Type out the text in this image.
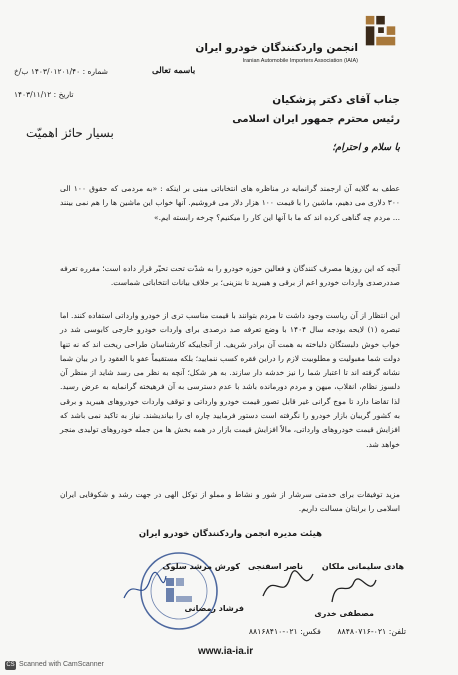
انجمن واردکنندگان خودرو ایران
Iranian Automobile Importers Association (IAIA)
باسمه تعالی
شماره : ۱۴۰۳/۰۱۲۰۱/۴۰ ب/خ
تاریخ : ۱۴۰۳/۱۱/۱۲
بسیار حائز اهمیّت
جناب آقای دکتر پزشکیان
رئیس محترم جمهور ایران اسلامی
با سلام و احترام؛
عطف به گلایه آن ارجمند گرانمایه در مناظره های انتخاباتی مبنی بر اینکه : «به مردمی که حقوق ۱۰۰ الی ۳۰۰ دلاری می دهیم، ماشین را با قیمت ۱۰۰ هزار دلار می فروشیم. آنها خواب این ماشین ها را هم نمی بینند ... مردم چه گناهی کرده اند که ما با آنها این کار را میکنیم؟ چرخه رابسته ایم.»
آنچه که این روزها مصرف کنندگان و فعالین حوزه خودرو را به شدّت تحت تحیّر قرار داده است؛ مقرره تعرفه صددرصدی واردات خودرو اعم از برقی و هیبرید تا بنزینی؛ بر خلاف بیانات انتخاباتی شماست.
این انتظار از آن ریاست وجود داشت تا مردم بتوانند با قیمت مناسب تری از خودرو وارداتی استفاده کنند. اما تبصره (۱) لایحه بودجه سال ۱۴۰۴ با وضع تعرفه صد درصدی برای واردات خودرو خارجی کابوسی شد در خواب خوش دلبستگان دلباخته به همت آن برادر شریف. از آنجاییکه کارشناسان طراحی ریخت اند که نه تنها دولت شما مقبولیت و مطلوبیت لازم را دراین فقره کسب ننمایید؛ بلکه مستقیماً عفو با العقود را در بیان شما نشانه گرفته اند تا اعتبار شما را نیز خدشه دار سازند. به هر شکل؛ آنچه به نظر می رسد شاید از منظر آن دلسوز نظام، انقلاب، میهن و مردم دورمانده باشد با عدم دسترسی به آن فرهیخته گرانمایه به عرض رسید. لذا تقاضا دارد تا موج گرانی غیر قابل تصور قیمت خودرو وارداتی و توقف واردات خودروهای هیبرید و برقی به کشور گریبان بازار خودرو را نگرفته است دستور فرمایید چاره ای را بیاندیشند. نیاز به تاکید نمی باشد که افزایش قیمت خودروهای وارداتی، مالاً افزایش قیمت بازار در همه بخش ها من جمله خودروهای تولیدی منجر خواهد شد.
مزید توفیقات برای خدمتی سرشار از شور و نشاط و مملو از توکل الهی در جهت رشد و شکوفایی ایران اسلامی را برایتان مسالت داریم.
هیئت مدیره انجمن واردکنندگان خودرو ایران
هادی سلیمانی ملکان
ناصر اسفنجی
کورش مرشد سلوک
مصطفی خدری
فرشاد رمضانی
تلفن: ۰۲۱-۸۸۴۸۰۷۱۶ فکس: ۰۲۱-۸۸۱۶۸۴۱۰
www.ia-ia.ir
CS Scanned with CamScanner
